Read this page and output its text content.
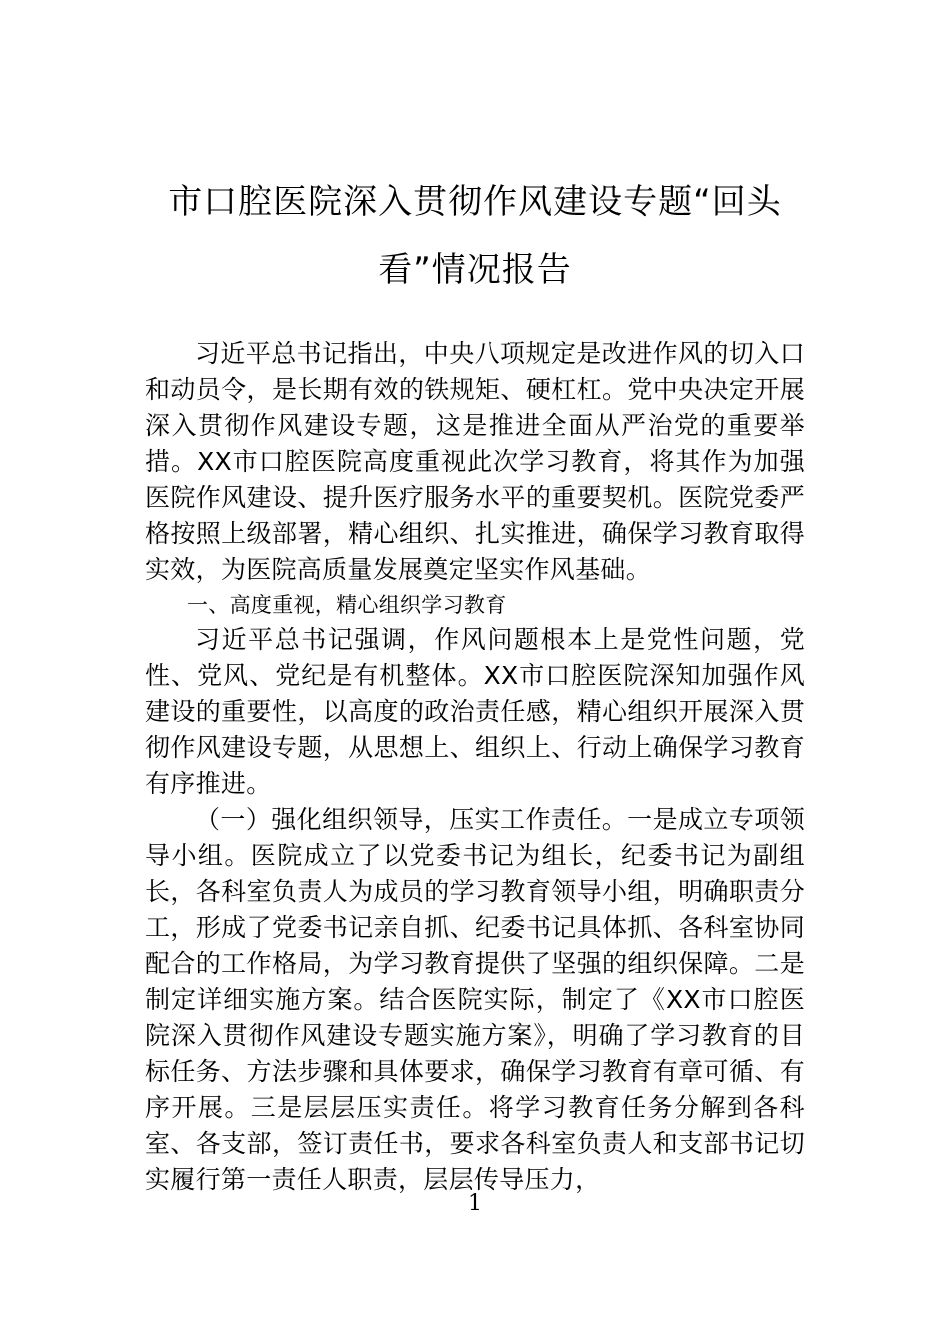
市口腔医院深入贯彻作风建设专题“回头
看”情况报告

习近平总书记指出，中央八项规定是改进作风的切入口和动员令，是长期有效的铁规矩、硬杠杠。党中央决定开展深入贯彻作风建设专题，这是推进全面从严治党的重要举措。XX市口腔医院高度重视此次学习教育，将其作为加强医院作风建设、提升医疗服务水平的重要契机。医院党委严格按照上级部署，精心组织、扎实推进，确保学习教育取得实效，为医院高质量发展奠定坚实作风基础。

一、高度重视，精心组织学习教育

习近平总书记强调，作风问题根本上是党性问题，党性、党风、党纪是有机整体。XX市口腔医院深知加强作风建设的重要性，以高度的政治责任感，精心组织开展深入贯彻作风建设专题，从思想上、组织上、行动上确保学习教育有序推进。

（一）强化组织领导，压实工作责任。一是成立专项领导小组。医院成立了以党委书记为组长，纪委书记为副组长，各科室负责人为成员的学习教育领导小组，明确职责分工，形成了党委书记亲自抓、纪委书记具体抓、各科室协同配合的工作格局，为学习教育提供了坚强的组织保障。二是制定详细实施方案。结合医院实际，制定了《XX市口腔医院深入贯彻作风建设专题实施方案》，明确了学习教育的目标任务、方法步骤和具体要求，确保学习教育有章可循、有序开展。三是层层压实责任。将学习教育任务分解到各科室、各支部，签订责任书，要求各科室负责人和支部书记切实履行第一责任人职责，层层传导压力，

1
